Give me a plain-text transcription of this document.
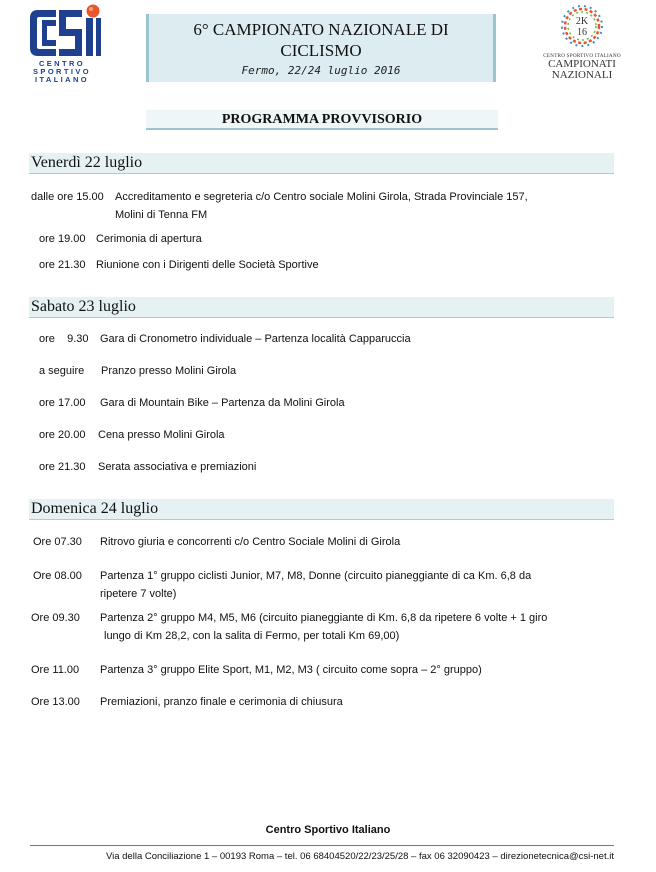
CENTRO
SPORTIVO
ITALIANO
6° CAMPIONATO NAZIONALE DI
CICLISMO
Fermo, 22/24 luglio 2016
2K
16
CENTRO SPORTIVO ITALIANO
CAMPIONATI
NAZIONALI
PROGRAMMA PROVVISORIO
Venerdì 22 luglio
dalle ore 15.00 Accreditamento e segreteria c/o Centro sociale Molini Girola, Strada Provinciale 157,
Molini di Tenna FM
ore 19.00 Cerimonia di apertura
ore 21.30 Riunione con i Dirigenti delle Società Sportive
Sabato 23 luglio
ore    9.30 Gara di Cronometro individuale – Partenza località Capparuccia
a seguire Pranzo presso Molini Girola
ore 17.00 Gara di Mountain Bike – Partenza da Molini Girola
ore 20.00 Cena presso Molini Girola
ore 21.30 Serata associativa e premiazioni
Domenica 24 luglio
Ore 07.30 Ritrovo giuria e concorrenti c/o Centro Sociale Molini di Girola
Ore 08.00 Partenza 1° gruppo ciclisti Junior, M7, M8, Donne (circuito pianeggiante di ca Km. 6,8 da
ripetere 7 volte)
Ore 09.30 Partenza 2° gruppo M4, M5, M6 (circuito pianeggiante di Km. 6,8 da ripetere 6 volte + 1 giro
lungo di Km 28,2, con la salita di Fermo, per totali Km 69,00)
Ore 11.00 Partenza 3° gruppo Elite Sport, M1, M2, M3 ( circuito come sopra – 2° gruppo)
Ore 13.00 Premiazioni, pranzo finale e cerimonia di chiusura
Centro Sportivo Italiano
Via della Conciliazione 1 – 00193 Roma – tel. 06 68404520/22/23/25/28 – fax 06 32090423 – direzionetecnica@csi-net.it
